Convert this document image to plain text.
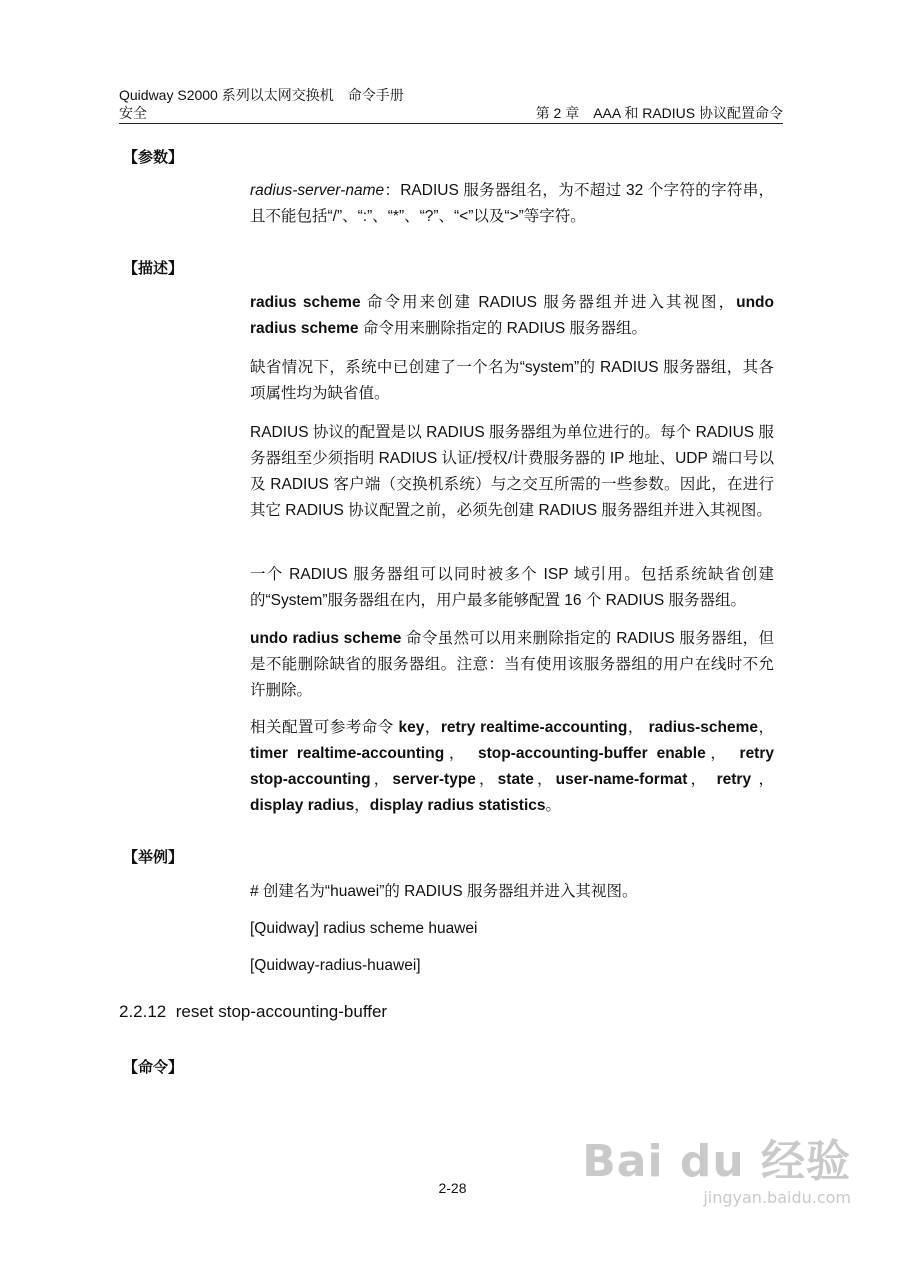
Quidway S2000 系列以太网交换机　命令手册
安全	第 2 章　AAA 和 RADIUS 协议配置命令
【参数】
radius-server-name：RADIUS 服务器组名，为不超过 32 个字符的字符串，且不能包括“/”、“:”、“*”、“?”、“<”以及“>”等字符。
【描述】
radius scheme 命令用来创建 RADIUS 服务器组并进入其视图，undo radius scheme 命令用来删除指定的 RADIUS 服务器组。
缺省情况下，系统中已创建了一个名为“system”的 RADIUS 服务器组，其各项属性均为缺省值。
RADIUS 协议的配置是以 RADIUS 服务器组为单位进行的。每个 RADIUS 服务器组至少须指明 RADIUS 认证/授权/计费服务器的 IP 地址、UDP 端口号以及 RADIUS 客户端（交换机系统）与之交互所需的一些参数。因此，在进行其它 RADIUS 协议配置之前，必须先创建 RADIUS 服务器组并进入其视图。
一个 RADIUS 服务器组可以同时被多个 ISP 域引用。包括系统缺省创建的“System”服务器组在内，用户最多能够配置 16 个 RADIUS 服务器组。
undo radius scheme 命令虽然可以用来删除指定的 RADIUS 服务器组，但是不能删除缺省的服务器组。注意：当有使用该服务器组的用户在线时不允许删除。
相关配置可参考命令 key，retry realtime-accounting， radius-scheme，timer realtime-accounting， stop-accounting-buffer enable， retry stop-accounting，server-type，state，user-name-format， retry ，display radius，display radius statistics。
【举例】
# 创建名为“huawei”的 RADIUS 服务器组并进入其视图。
[Quidway] radius scheme huawei
[Quidway-radius-huawei]
2.2.12 reset stop-accounting-buffer
【命令】
2-28
Bai du 经验
jingyan.baidu.com
